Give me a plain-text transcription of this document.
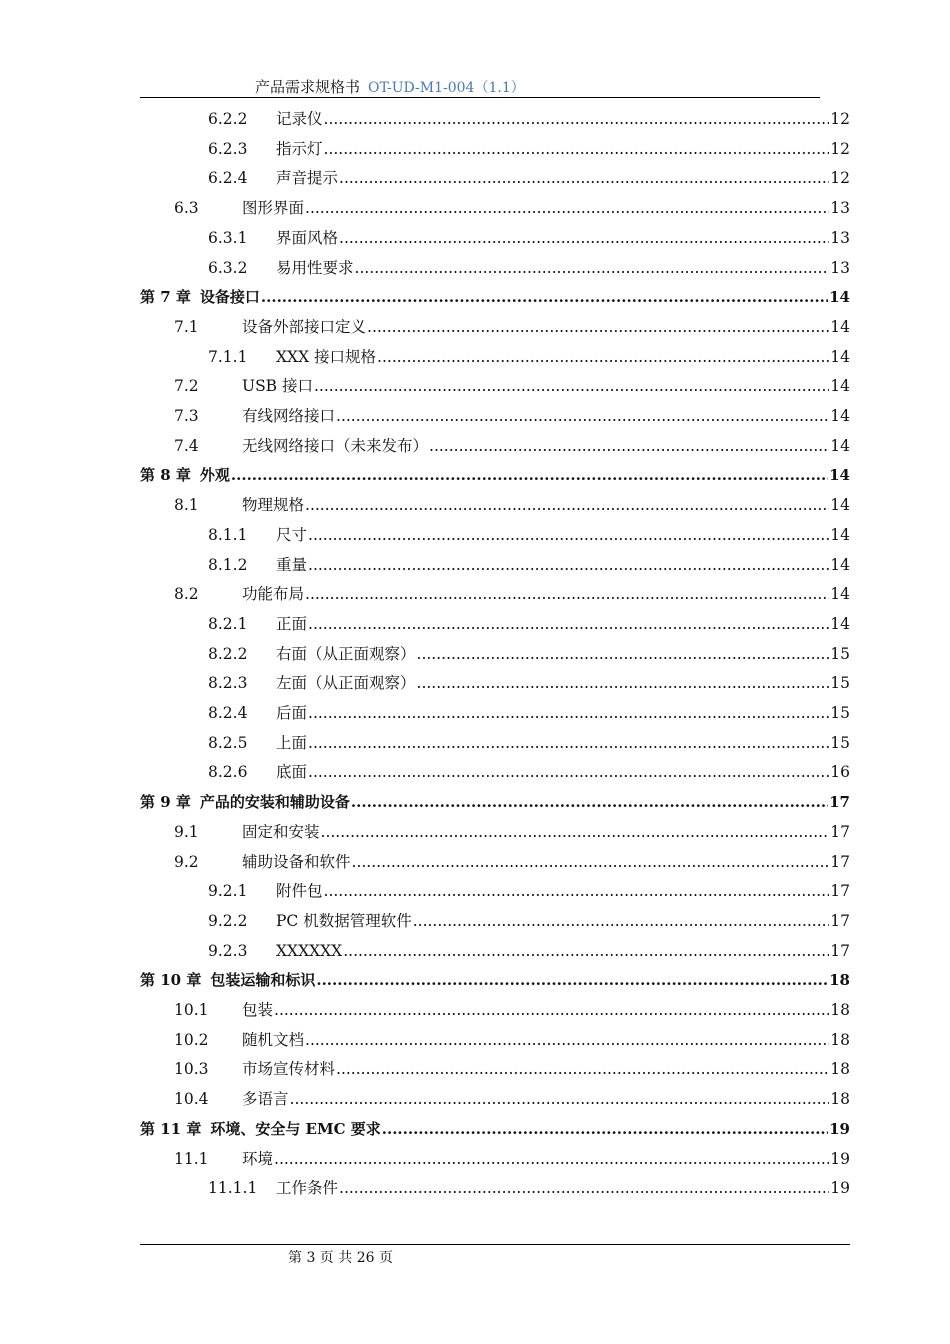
产品需求规格书 OT-UD-M1-004（1.1）
6.2.2	记录仪 .....	12
6.2.3	指示灯 .....	12
6.2.4	声音提示 .....	12
6.3	图形界面 .....	13
6.3.1	界面风格 .....	13
6.3.2	易用性要求 .....	13
第 7 章 设备接口 .....	14
7.1	设备外部接口定义 .....	14
7.1.1	XXX 接口规格 .....	14
7.2	USB 接口 .....	14
7.3	有线网络接口 .....	14
7.4	无线网络接口（未来发布） .....	14
第 8 章 外观 .....	14
8.1	物理规格 .....	14
8.1.1	尺寸 .....	14
8.1.2	重量 .....	14
8.2	功能布局 .....	14
8.2.1	正面 .....	14
8.2.2	右面（从正面观察） .....	15
8.2.3	左面（从正面观察） .....	15
8.2.4	后面 .....	15
8.2.5	上面 .....	15
8.2.6	底面 .....	16
第 9 章 产品的安装和辅助设备 .....	17
9.1	固定和安装 .....	17
9.2	辅助设备和软件 .....	17
9.2.1	附件包 .....	17
9.2.2	PC 机数据管理软件 .....	17
9.2.3	XXXXXX .....	17
第 10 章 包装运输和标识 .....	18
10.1	包装 .....	18
10.2	随机文档 .....	18
10.3	市场宣传材料 .....	18
10.4	多语言 .....	18
第 11 章 环境、安全与 EMC 要求 .....	19
11.1	环境 .....	19
11.1.1	工作条件 .....	19
第 3 页 共 26 页
